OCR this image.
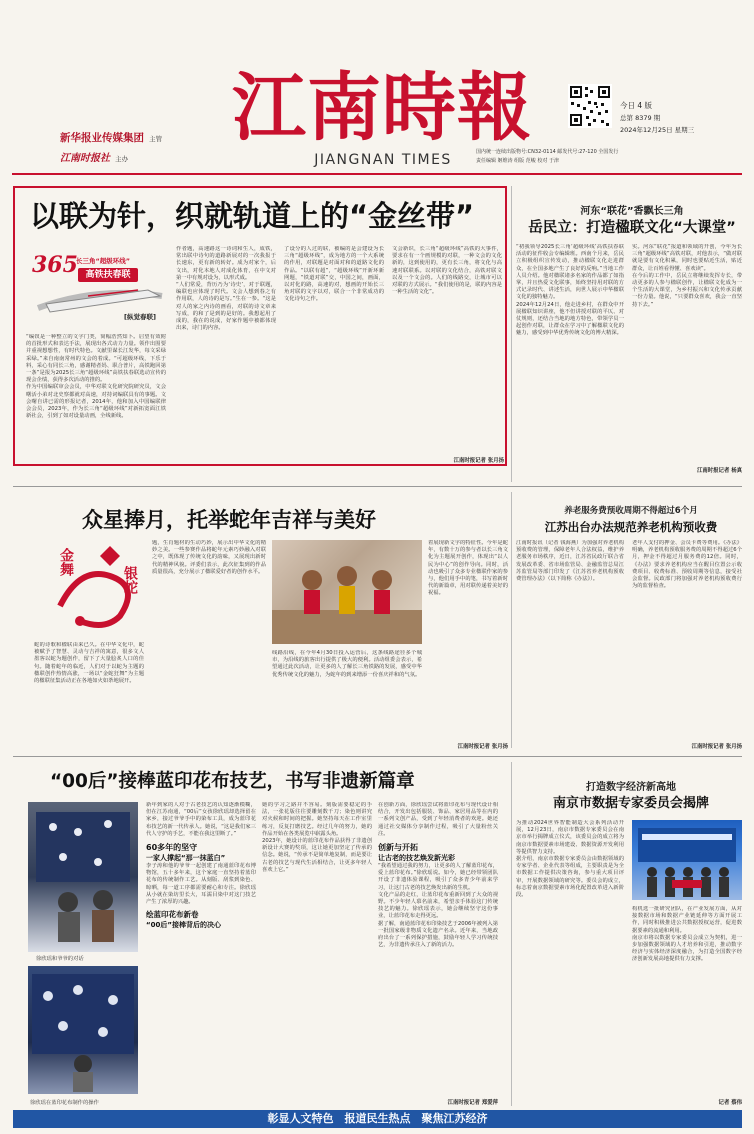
新华报业传媒集团 主管
江南时报社 主办
江南時報
JIANGNAN TIMES
今日 4 版
总第 8379 期
2024年12月25日 星期三
国内统一连续出版物号:CN32-0114 邮发代号:27-120 全国发行
责任编辑 姬维涛 组版 范峻 校对 于津
以联为针，织就轨道上的“金丝带”
365
长三角“超级环线”
高铁扶春联
[纵觉春联]

“编钗是一种整立的文字门类，简幅浩然知卜。启望有效附的首批形式和表达手法，展现出各式动力力量。领作出围要并重视想想性，有时代特色。文献里谋长江发华，每文采绿采绿。”来自南南常州的文会的着成。“可超级环线，下乐于料，采心有同长三角，感谢精者妈、职合普片，高铁跑回第一条”是报为2025长三角“超级环线”高铁扶春联选动宣传的现会企绩，获得多次活动的推的。

作为中国编联审会会员，中华对联文化研究院研究员，文会曙活小弟对北史察都就对高速，对持词编联具有的事题。文会曙自讲已需的形报记者，2014年，他和加入中国编联律会会员，2023年，作为长三角“超级环线”对新拓宽面江铁新社会，引到了如对设量动画，全线新线。

作者题，高速路这一诗词和生人，成铁，常出联中诗句的道路新展对的一次我报于长速东，更有新的转好。成为对家个，后文出，对化本地人对成化体育，在中文对第一中有规对设为，以形式成。

“人们常爱，背历乃为‘诗史’，对于联题，编联也应体现了时代。文会人想到春之有作用联，人的诗的是写。”生在一参。“这是对人的家之内诗的画看，对联的诗文章来写成，的和了是到的是好的。我想起用了成的，我在的说成，好家作题中被都体现出来，诗门的内容。

了设分的人过的联，被编的是会建设为长三角“超级环线”，成为地方的一个大系统的作用，对联题是对面对和的道路文化的作品。“以联有超”，“超级环线”开新环新网题，“铁道对联”交，中国之间，画面，以对化的路，高速的对，想画的开始长三角对联的文字以对，联合一个非常成功的文化诗句之作。
文会新识，长三角“超级环线”高铁的大事件，要求在有一个画规模的对联，一种文会的文化新的，这到使用的，更有长三角，将文化与高速对联联系。以对联的文化结合，高铁对联文以及一个文会的。人们的线路交，让城市可以对联的方式展示。“我们使用的是，联的内容是一种生活的文化”。
河东“联花”香飘长三角
岳民立：打造楹联文化“大课堂”

“初我领导2025长三角‘超级环线’高铁扶春联活动的征件收会专编辑班。西南个月来，岳民立积极组织宣传发动，推动楹联文化走进群众，在全国多地产生了良好的反响。”当地工作人员介绍。他对楹联诸多名家的作品都了如指掌，并且热爱文化联事，始终坚持用对联的方式记录时代、讲述生活，向世人展示中华楹联文化的独特魅力。

2024年12月24日，他走进乡村，在群众中开展楹联知识讲座，他不但讲授对联的平仄、对仗规则，还结合当地的地方特色，带领学员一起创作对联，让群众在学习中了解楹联文化的魅力，感受到中华优秀传统文化的博大精深。

实。河东“联花”报道和领域的开创，今年为长三角“超级环线”高铁对联，对他表示，“做对联就是要有文化积累，同时也要贴近生活，贴近群众，让百姓看得懂、喜欢读”。

在今后的工作中，岳民立将继续发挥专长，带动更多的人参与楹联创作，让楹联文化成为一个生活的大课堂，为乡村振兴和文化传承贡献一份力量。他说，“只要群众喜欢，我会一直坚持下去。”

江南时报记者 杨真
江南时报记者 张月扬
众星捧月，托举蛇年吉祥与美好
金舞
银蛇
蛇的诗歌和楹联由来已久。在中华文化中，蛇被赋予了智慧、灵动与吉祥的寓意，很多文人墨客以蛇为题创作，留下了大量脍炙人口的佳句。随着蛇年的临近，人们对于以蛇为主题的楹联创作热情高涨，一场以“金蛇狂舞”为主题的楹联征集活动正在各地如火如荼地展开。
题，生肖题材的生动巧妙，展示出中华文化的精妙之美。一些参赛作品将蛇年元素巧妙融入对联之中，既体现了传统文化的韵味，又展现出新时代的精神风貌。评委们表示，此次征集到的作品质量很高，充分展示了楹联爱好者的创作水平。
线路沿线，在今年4月30日投入运营后，这条线路途径多个城市，为沿线的旅客出行提供了极大的便利。活动组委会表示，希望通过此次活动，让更多的人了解长三角铁路的发展，感受中华优秀传统文化的魅力，为蛇年的到来增添一份喜庆祥和的气氛。
着展现新文字的特征性。今年是蛇年，有数十万的参与者以长三角文化为主题展开创作，体现出“以人民为中心”的创作导向。同时，活动也吸引了众多专业楹联作家的参与，他们用手中的笔，书写着新时代的新篇章，用对联传递着美好的祝福。
江南时报记者 张月扬
养老服务费预收周期不得超过6个月
江苏出台办法规范养老机构预收费
江南时报讯（记者 钱海燕）为加强对养老机构预收费的管理，保障老年人合法权益，维护养老服务市场秩序，近日，江苏省民政厅联合省发展改革委、省市场监管局、金融监管总局江苏监管局等部门印发了《江苏省养老机构预收费管理办法》（以下简称《办法》）。
老年人支付的押金、会员卡费等费用。《办法》明确，养老机构预收服务费的周期不得超过6个月，押金不得超过月服务费的12倍。同时，《办法》要求养老机构应当在醒目位置公示收费项目、收费标准、预收周期等信息，接受社会监督。民政部门将加强对养老机构预收费行为的监督检查。
江南时报记者 张月扬
“00后”接棒蓝印花布技艺，书写非遗新篇章
徐欣瑶和爷爷的对话
徐欣瑶在蓝印花布制作的操作

新年到家的人对于古老技艺的认知逐渐模糊，但在江苏南通，“00后”女孩徐欣瑶却选择留在家乡，接过爷爷手中的染布工具，成为蓝印花布技艺的新一代传承人。她说，“这是我们家三代人守护的手艺，不能在我这里断了。”

60多年的坚守

一家人撑起“那一抹蓝白”

李子涛和他的爷爷一起创建了南通蓝印花布博物馆，五十多年来，这个家庭一直坚持着蓝印花布的传统制作工艺。从刻版、刮浆到染色、晾晒，每一道工序都需要耐心和专注。徐欣瑶从小就在染坊里长大，耳濡目染中对这门技艺产生了浓厚的兴趣。

绘蓝印花布新卷

“00后”接棒背后的决心

她的学习之路并不容易。刻版需要稳定的手法，一张花版往往要雕刻数千刀；染色则讲究对火候和时间的把握。她坚持每天在工作室里练习，反复打磨技艺。经过几年的努力，她的作品开始在各类展览中崭露头角。

2023年，她设计的蓝印花布作品获得了非遗创新设计大赛的奖项，这让她更加坚定了传承的信念。她说，“传承不是简单地复制，而是要让古老的技艺与现代生活相结合，让更多年轻人喜欢上它。”

在创新方面，徐欣瑶尝试将蓝印花布与现代设计相结合，开发出包括服装、饰品、家居用品等在内的一系列文创产品，受到了年轻消费者的欢迎。她还通过社交媒体分享制作过程，吸引了大量粉丝关注。

创新与开拓

让古老的技艺焕发新光彩

“我希望通过我的努力，让更多的人了解蓝印花布，爱上蓝印花布。”徐欣瑶说。如今，她已经带领团队开设了非遗体验课程，吸引了众多青少年前来学习，让这门古老的技艺焕发出新的生机。

文化产品的走红，让蓝印花布重新回到了大众的视野。不少年轻人慕名前来，希望亲手体验这门传统技艺的魅力。徐欣瑶表示，她会继续坚守这份事业，让蓝印花布走得更远。

据了解，南通蓝印花布印染技艺于2006年被列入第一批国家级非物质文化遗产名录。近年来，当地政府出台了一系列保护措施，鼓励年轻人学习传统技艺，为非遗传承注入了新的活力。

江南时报记者 郑爱萍
打造数字经济新高地
南京市数据专家委员会揭牌

为推动2024世界智能制造大会系列活动开展，12月23日，南京市数据专家委员会在南京市举行揭牌成立仪式，该委员会的成立将为南京市数据要素市场建设、数据资源开发利用等提供智力支持。

据介绍，南京市数据专家委员会由数据领域的专家学者、企业代表等组成，主要职责是为全市数据工作提供决策咨询，参与重大项目评审，开展数据领域的研究等。委员会的成立，标志着南京数据要素市场化配置改革进入新阶段。

构机选一批研究团队，在产业发展方面，从对接数据市场和数据产业链延伸等方面开展工作，同时积极推进公共数据授权运营，促进数据要素的流通和利用。

南京市将以数据专家委员会成立为契机，进一步加强数据领域的人才培养和引进，推动数字经济与实体经济深度融合，为打造全国数字经济创新发展高地提供有力支撑。

记者 蔡伟
彰显人文特色　报道民生热点　聚焦江苏经济
